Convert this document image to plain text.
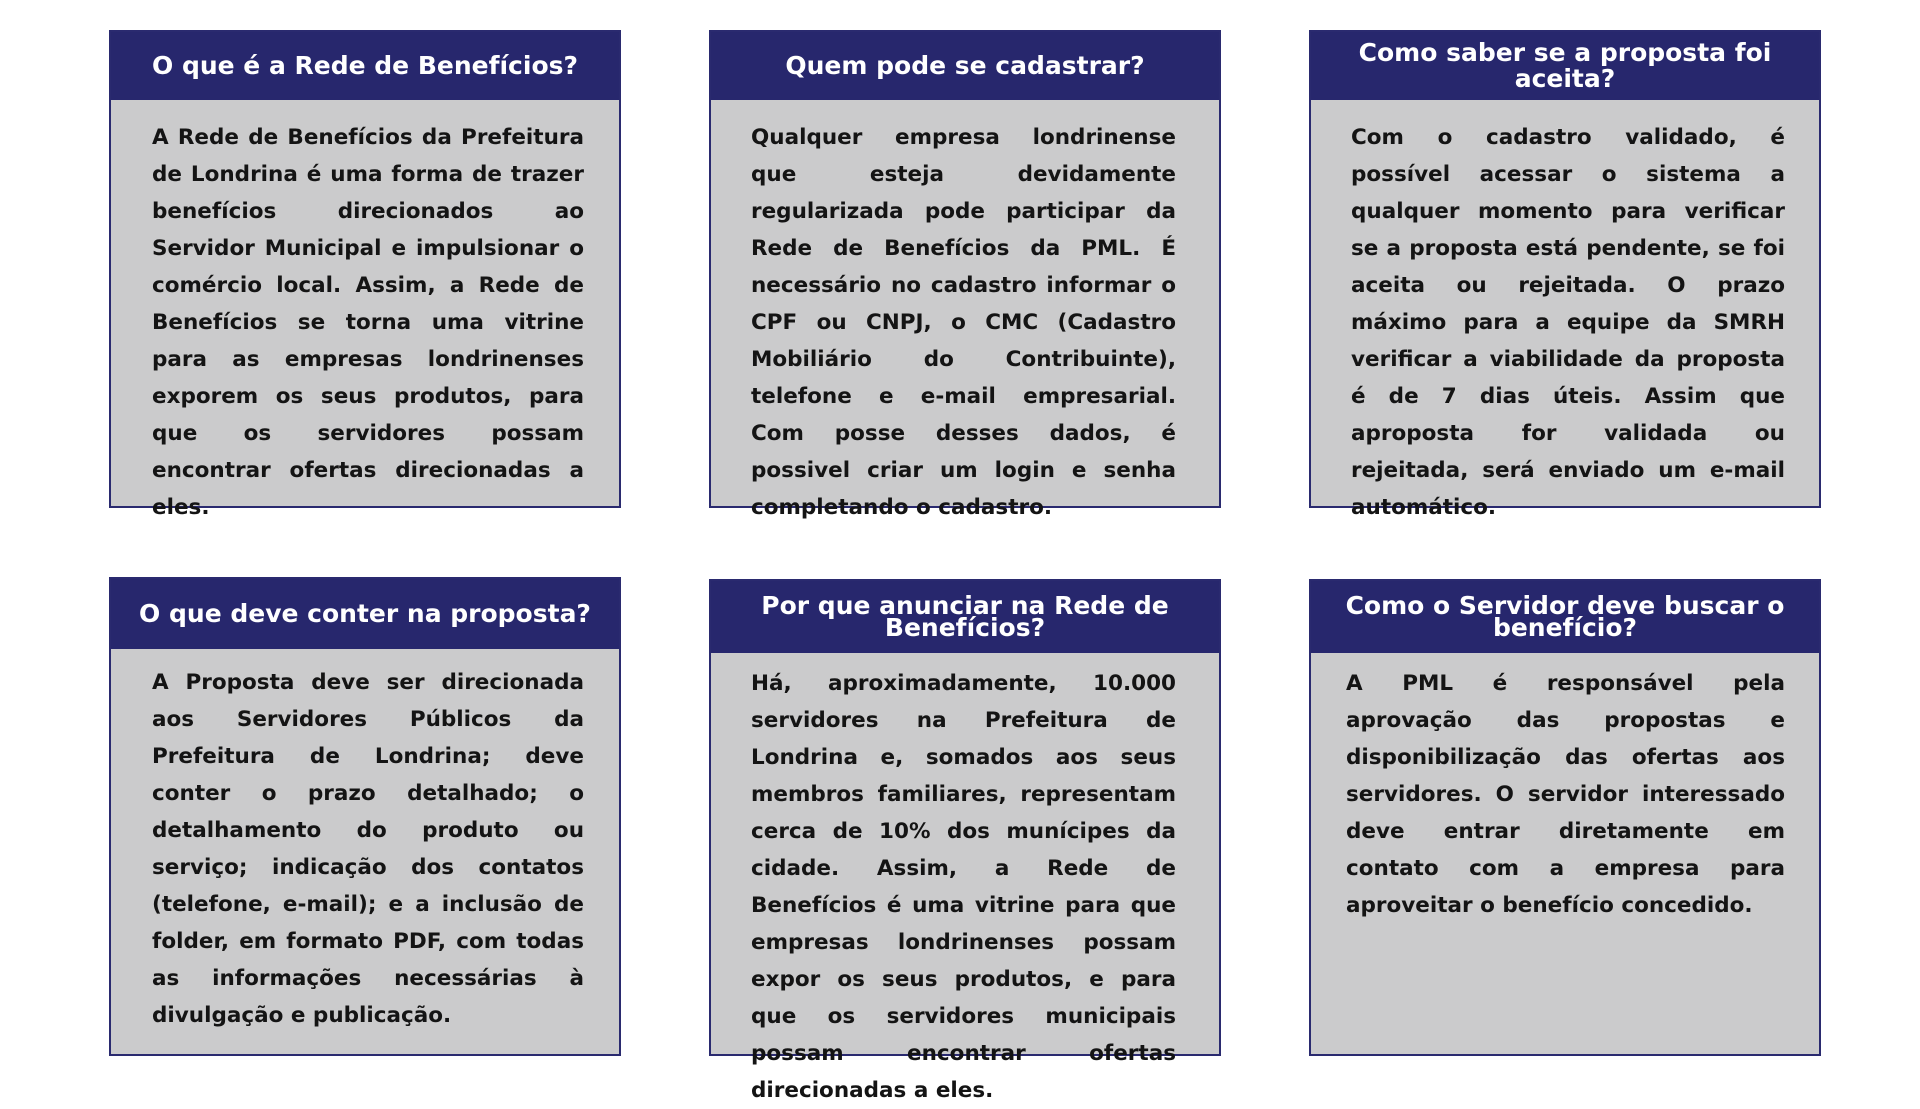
O que é a Rede de Benefícios?
A Rede de Benefícios da Prefeitura de Londrina é uma forma de trazer benefícios direcionados ao Servidor Municipal e impulsionar o comércio local. Assim, a Rede de Benefícios se torna uma vitrine para as empresas londrinenses exporem os seus produtos, para que os servidores possam encontrar ofertas direcionadas a eles.
Quem pode se cadastrar?
Qualquer empresa londrinense que esteja devidamente regularizada pode participar da Rede de Benefícios da PML. É necessário no cadastro informar o CPF ou CNPJ, o CMC (Cadastro Mobiliário do Contribuinte), telefone e e-mail empresarial. Com posse desses dados, é possivel criar um login e senha completando o cadastro.
Como saber se a proposta foi aceita?
Com o cadastro validado, é possível acessar o sistema a qualquer momento para verificar se a proposta está pendente, se foi aceita ou rejeitada. O prazo máximo para a equipe da SMRH verificar a viabilidade da proposta é de 7 dias úteis. Assim que aproposta for validada ou rejeitada, será enviado um e-mail automático.
O que deve conter na proposta?
A Proposta deve ser direcionada aos Servidores Públicos da Prefeitura de Londrina; deve conter o prazo detalhado; o detalhamento do produto ou serviço; indicação dos contatos (telefone, e-mail); e a inclusão de folder, em formato PDF, com todas as informações necessárias à divulgação e publicação.
Por que anunciar na Rede de Benefícios?
Há, aproximadamente, 10.000 servidores na Prefeitura de Londrina e, somados aos seus membros familiares, representam cerca de 10% dos munícipes da cidade. Assim, a Rede de Benefícios é uma vitrine para que empresas londrinenses possam expor os seus produtos, e para que os servidores municipais possam encontrar ofertas direcionadas a eles.
Como o Servidor deve buscar o benefício?
A PML é responsável pela aprovação das propostas e disponibilização das ofertas aos servidores. O servidor interessado deve entrar diretamente em contato com a empresa para aproveitar o benefício concedido.
